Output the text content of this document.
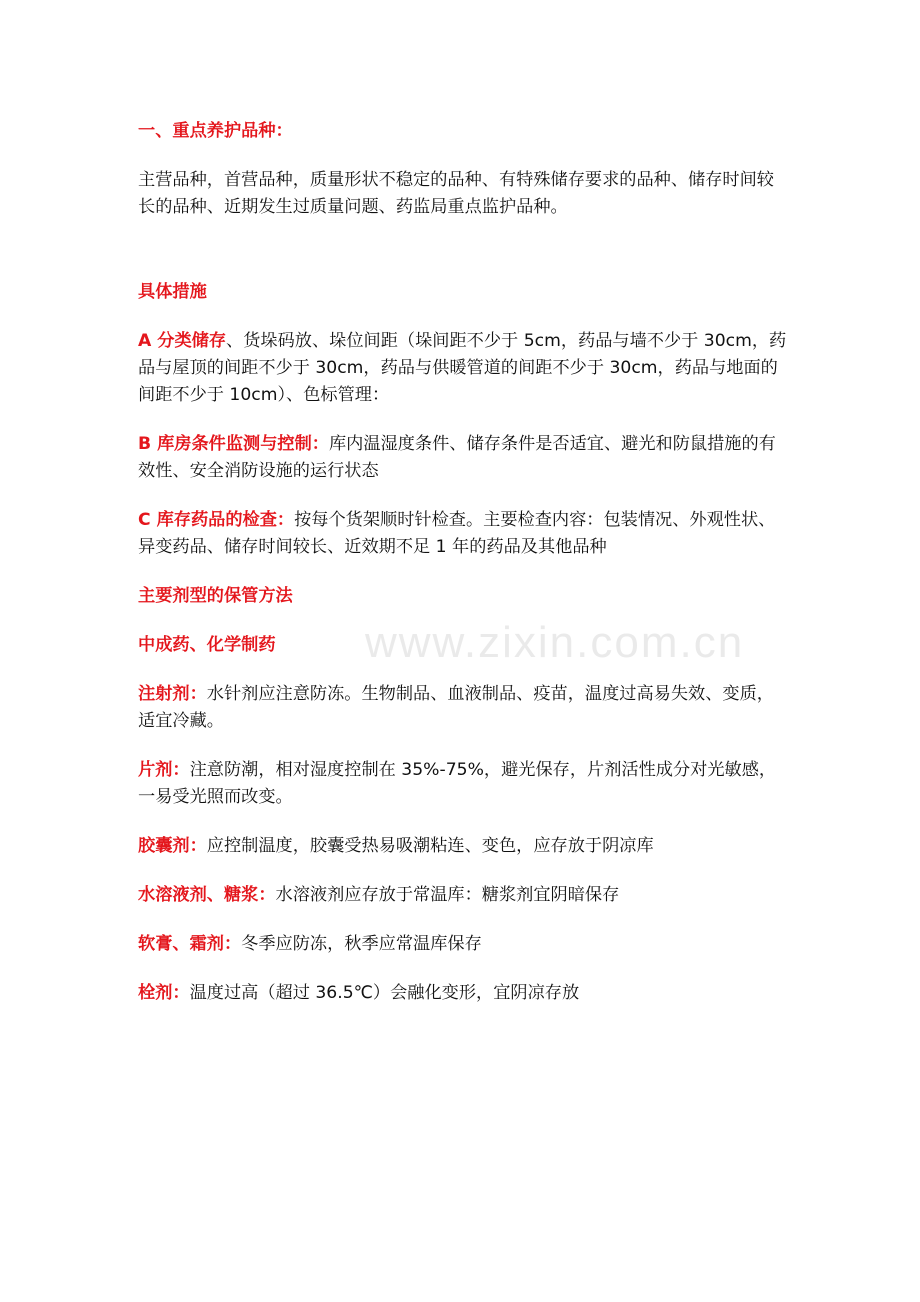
www.zixin.com.cn

一、重点养护品种：

主营品种，首营品种，质量形状不稳定的品种、有特殊储存要求的品种、储存时间较长的品种、近期发生过质量问题、药监局重点监护品种。

具体措施

A 分类储存、货垛码放、垛位间距（垛间距不少于 5cm，药品与墙不少于 30cm，药品与屋顶的间距不少于 30cm，药品与供暖管道的间距不少于 30cm，药品与地面的间距不少于 10cm）、色标管理：

B 库房条件监测与控制：库内温湿度条件、储存条件是否适宜、避光和防鼠措施的有效性、安全消防设施的运行状态

C 库存药品的检查：按每个货架顺时针检查。主要检查内容：包装情况、外观性状、异变药品、储存时间较长、近效期不足 1 年的药品及其他品种

主要剂型的保管方法

中成药、化学制药

注射剂：水针剂应注意防冻。生物制品、血液制品、疫苗，温度过高易失效、变质，适宜冷藏。

片剂：注意防潮，相对湿度控制在 35%-75%，避光保存，片剂活性成分对光敏感，一易受光照而改变。

胶囊剂：应控制温度，胶囊受热易吸潮粘连、变色，应存放于阴凉库

水溶液剂、糖浆：水溶液剂应存放于常温库：糖浆剂宜阴暗保存

软膏、霜剂：冬季应防冻，秋季应常温库保存

栓剂：温度过高（超过 36.5℃）会融化变形，宜阴凉存放
